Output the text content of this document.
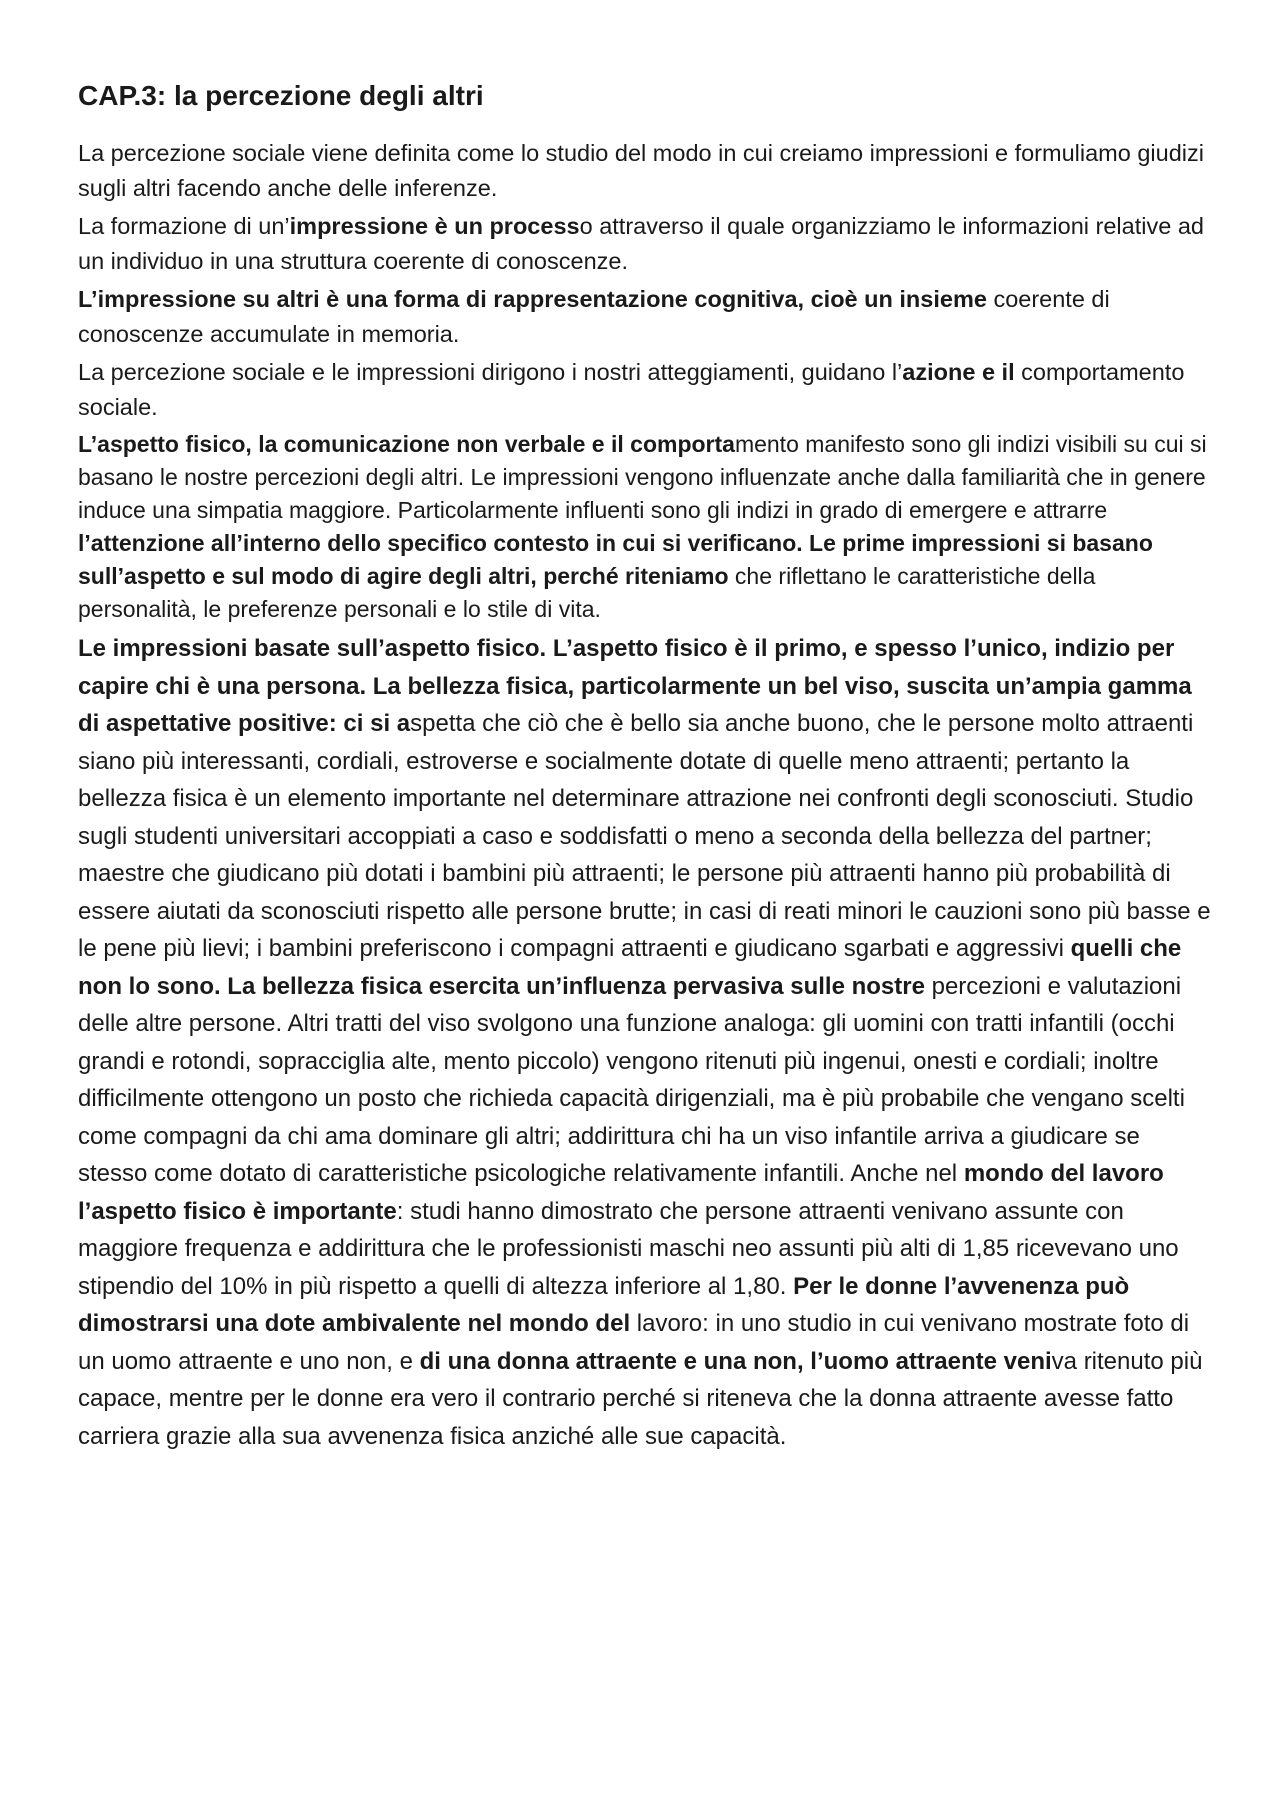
CAP.3: la percezione degli altri

La percezione sociale viene definita come lo studio del modo in cui creiamo impressioni e formuliamo giudizi sugli altri facendo anche delle inferenze.

La formazione di un’impressione è un processo attraverso il quale organizziamo le informazioni relative ad un individuo in una struttura coerente di conoscenze.

L’impressione su altri è una forma di rappresentazione cognitiva, cioè un insieme coerente di conoscenze accumulate in memoria.

La percezione sociale e le impressioni dirigono i nostri atteggiamenti, guidano l’azione e il comportamento sociale.

L’aspetto fisico, la comunicazione non verbale e il comportamento manifesto sono gli indizi visibili su cui si basano le nostre percezioni degli altri. Le impressioni vengono influenzate anche dalla familiarità che in genere induce una simpatia maggiore. Particolarmente influenti sono gli indizi in grado di emergere e attrarre l’attenzione all’interno dello specifico contesto in cui si verificano. Le prime impressioni si basano sull’aspetto e sul modo di agire degli altri, perché riteniamo che riflettano le caratteristiche della personalità, le preferenze personali e lo stile di vita.

Le impressioni basate sull’aspetto fisico. L’aspetto fisico è il primo, e spesso l’unico, indizio per capire chi è una persona. La bellezza fisica, particolarmente un bel viso, suscita un’ampia gamma di aspettative positive: ci si aspetta che ciò che è bello sia anche buono, che le persone molto attraenti siano più interessanti, cordiali, estroverse e socialmente dotate di quelle meno attraenti; pertanto la bellezza fisica è un elemento importante nel determinare attrazione nei confronti degli sconosciuti. Studio sugli studenti universitari accoppiati a caso e soddisfatti o meno a seconda della bellezza del partner; maestre che giudicano più dotati i bambini più attraenti; le persone più attraenti hanno più probabilità di essere aiutati da sconosciuti rispetto alle persone brutte; in casi di reati minori le cauzioni sono più basse e le pene più lievi; i bambini preferiscono i compagni attraenti e giudicano sgarbati e aggressivi quelli che non lo sono. La bellezza fisica esercita un’influenza pervasiva sulle nostre percezioni e valutazioni delle altre persone. Altri tratti del viso svolgono una funzione analoga: gli uomini con tratti infantili (occhi grandi e rotondi, sopracciglia alte, mento piccolo) vengono ritenuti più ingenui, onesti e cordiali; inoltre difficilmente ottengono un posto che richieda capacità dirigenziali, ma è più probabile che vengano scelti come compagni da chi ama dominare gli altri; addirittura chi ha un viso infantile arriva a giudicare se stesso come dotato di caratteristiche psicologiche relativamente infantili. Anche nel mondo del lavoro l’aspetto fisico è importante: studi hanno dimostrato che persone attraenti venivano assunte con maggiore frequenza e addirittura che le professionisti maschi neo assunti più alti di 1,85 ricevevano uno stipendio del 10% in più rispetto a quelli di altezza inferiore al 1,80. Per le donne l’avvenenza può dimostrarsi una dote ambivalente nel mondo del lavoro: in uno studio in cui venivano mostrate foto di un uomo attraente e uno non, e di una donna attraente e una non, l’uomo attraente veniva ritenuto più capace, mentre per le donne era vero il contrario perché si riteneva che la donna attraente avesse fatto carriera grazie alla sua avvenenza fisica anziché alle sue capacità.
